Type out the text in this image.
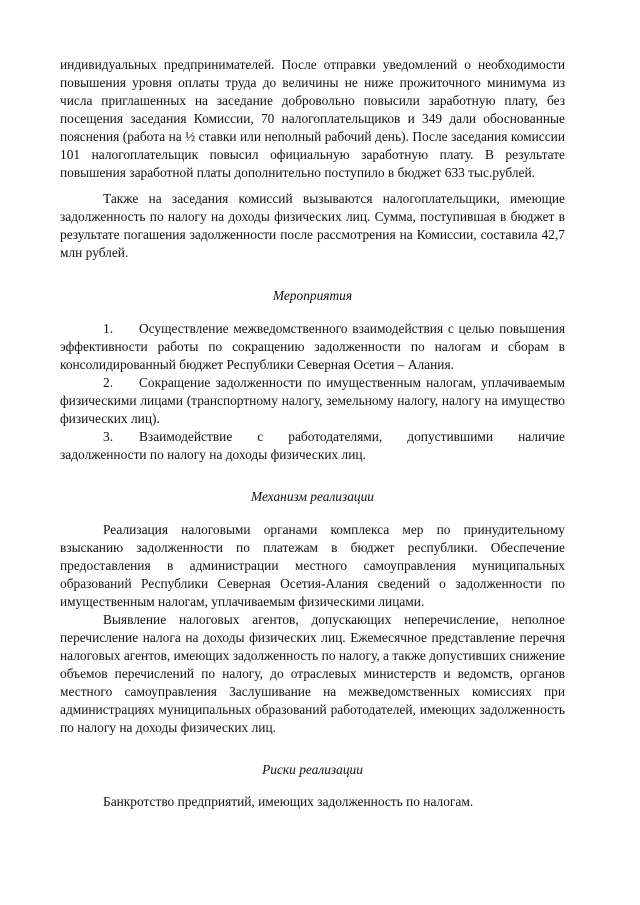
индивидуальных предпринимателей. После отправки уведомлений о необходимости повышения уровня оплаты труда до величины не ниже прожиточного минимума из числа приглашенных на заседание добровольно повысили заработную плату, без посещения заседания Комиссии, 70 налогоплательщиков и 349 дали обоснованные пояснения (работа на ½ ставки или неполный рабочий день). После заседания комиссии 101 налогоплательщик повысил официальную заработную плату. В результате повышения заработной платы дополнительно поступило в бюджет 633 тыс.рублей.

Также на заседания комиссий вызываются налогоплательщики, имеющие задолженность по налогу на доходы физических лиц. Сумма, поступившая в бюджет в результате погашения задолженности после рассмотрения на Комиссии, составила 42,7 млн рублей.

Мероприятия

1. Осуществление межведомственного взаимодействия с целью повышения эффективности работы по сокращению задолженности по налогам и сборам в консолидированный бюджет Республики Северная Осетия – Алания.

2. Сокращение задолженности по имущественным налогам, уплачиваемым физическими лицами (транспортному налогу, земельному налогу, налогу на имущество физических лиц).

3. Взаимодействие с работодателями, допустившими наличие задолженности по налогу на доходы физических лиц.

Механизм реализации

Реализация налоговыми органами комплекса мер по принудительному взысканию задолженности по платежам в бюджет республики. Обеспечение предоставления в администрации местного самоуправления муниципальных образований Республики Северная Осетия-Алания сведений о задолженности по имущественным налогам, уплачиваемым физическими лицами.

Выявление налоговых агентов, допускающих неперечисление, неполное перечисление налога на доходы физических лиц. Ежемесячное представление перечня налоговых агентов, имеющих задолженность по налогу, а также допустивших снижение объемов перечислений по налогу, до отраслевых министерств и ведомств, органов местного самоуправления Заслушивание на межведомственных комиссиях при администрациях муниципальных образований работодателей, имеющих задолженность по налогу на доходы физических лиц.

Риски реализации

Банкротство предприятий, имеющих задолженность по налогам.
